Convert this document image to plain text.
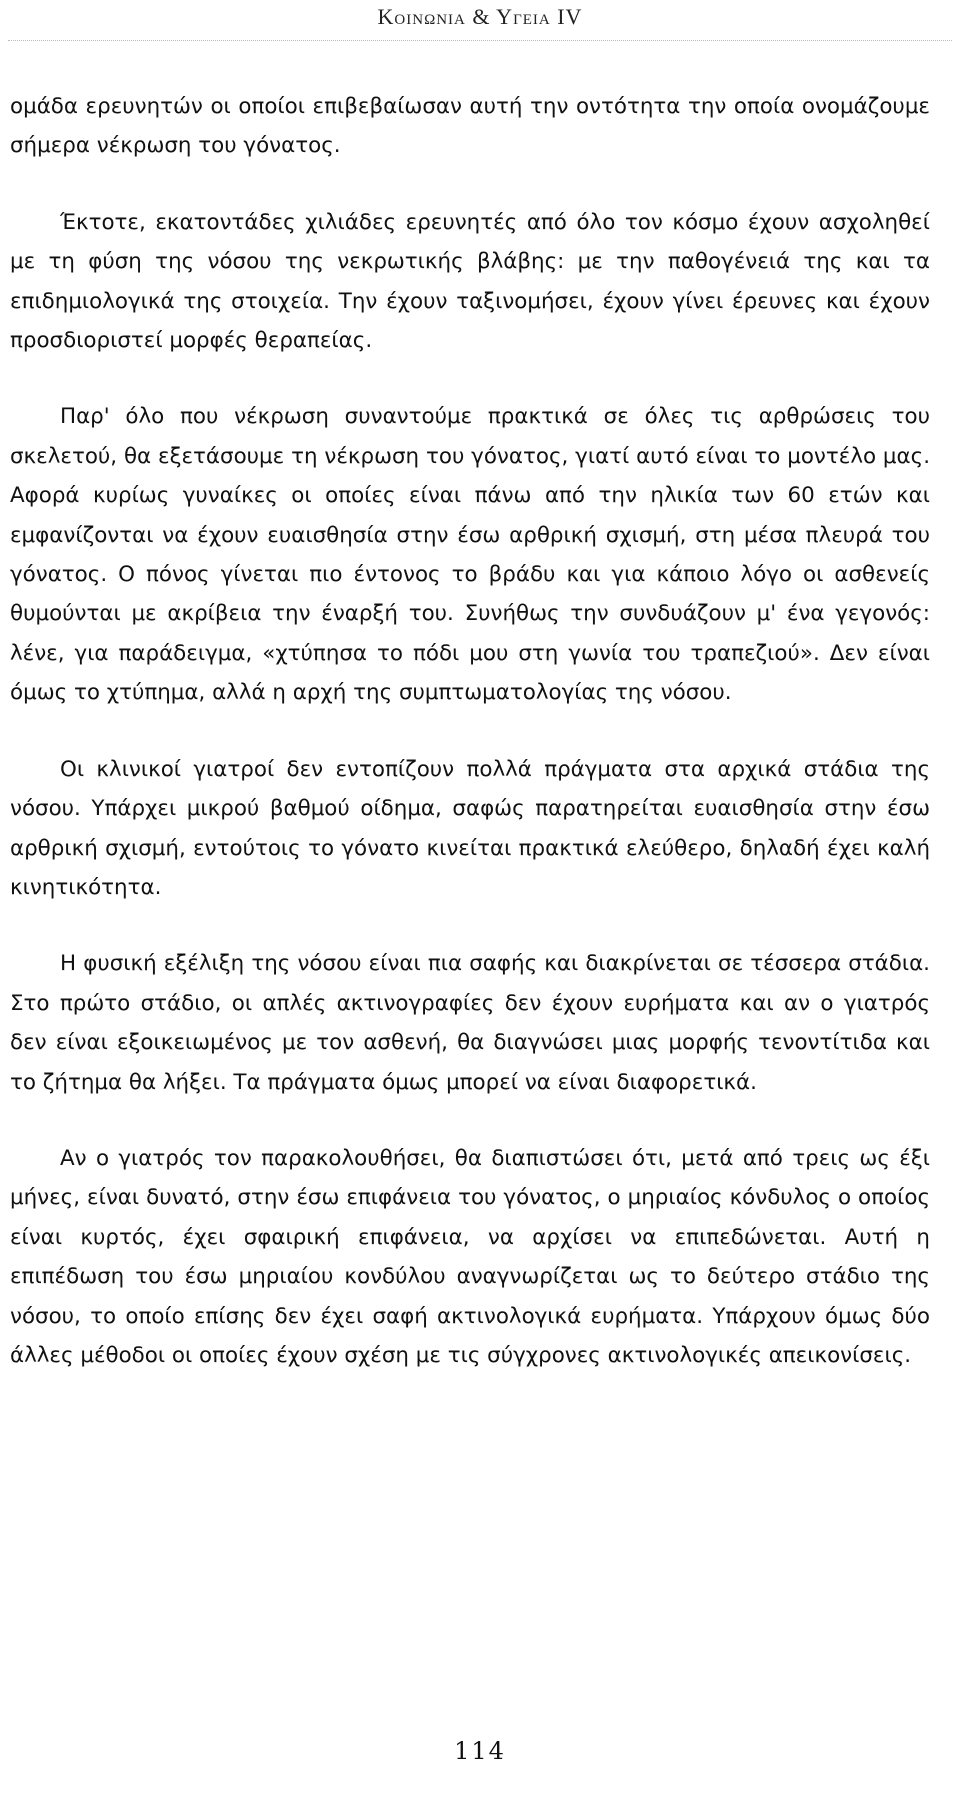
Κοινωνια & Υγεια IV

ομάδα ερευνητών οι οποίοι επιβεβαίωσαν αυτή την οντότητα την οποία ονομάζουμε σήμερα νέκρωση του γόνατος.

Έκτοτε, εκατοντάδες χιλιάδες ερευνητές από όλο τον κόσμο έχουν ασχοληθεί με τη φύση της νόσου της νεκρωτικής βλάβης: με την παθογένειά της και τα επιδημιολογικά της στοιχεία. Την έχουν ταξινομήσει, έχουν γίνει έρευνες και έχουν προσδιοριστεί μορφές θεραπείας.

Παρ' όλο που νέκρωση συναντούμε πρακτικά σε όλες τις αρθρώσεις του σκελετού, θα εξετάσουμε τη νέκρωση του γόνατος, γιατί αυτό είναι το μοντέλο μας. Αφορά κυρίως γυναίκες οι οποίες είναι πάνω από την ηλικία των 60 ετών και εμφανίζονται να έχουν ευαισθησία στην έσω αρθρική σχισμή, στη μέσα πλευρά του γόνατος. Ο πόνος γίνεται πιο έντονος το βράδυ και για κάποιο λόγο οι ασθενείς θυμούνται με ακρίβεια την έναρξή του. Συνήθως την συνδυάζουν μ' ένα γεγονός: λένε, για παράδειγμα, «χτύπησα το πόδι μου στη γωνία του τραπεζιού». Δεν είναι όμως το χτύπημα, αλλά η αρχή της συμπτωματολογίας της νόσου.

Οι κλινικοί γιατροί δεν εντοπίζουν πολλά πράγματα στα αρχικά στάδια της νόσου. Υπάρχει μικρού βαθμού οίδημα, σαφώς παρατηρείται ευαισθησία στην έσω αρθρική σχισμή, εντούτοις το γόνατο κινείται πρακτικά ελεύθερο, δηλαδή έχει καλή κινητικότητα.

Η φυσική εξέλιξη της νόσου είναι πια σαφής και διακρίνεται σε τέσσερα στάδια. Στο πρώτο στάδιο, οι απλές ακτινογραφίες δεν έχουν ευρήματα και αν ο γιατρός δεν είναι εξοικειωμένος με τον ασθενή, θα διαγνώσει μιας μορφής τενοντίτιδα και το ζήτημα θα λήξει. Τα πράγματα όμως μπορεί να είναι διαφορετικά.

Αν ο γιατρός τον παρακολουθήσει, θα διαπιστώσει ότι, μετά από τρεις ως έξι μήνες, είναι δυνατό, στην έσω επιφάνεια του γόνατος, ο μηριαίος κόνδυλος ο οποίος είναι κυρτός, έχει σφαιρική επιφάνεια, να αρχίσει να επιπεδώνεται. Αυτή η επιπέδωση του έσω μηριαίου κονδύλου αναγνωρίζεται ως το δεύτερο στάδιο της νόσου, το οποίο επίσης δεν έχει σαφή ακτινολογικά ευρήματα. Υπάρχουν όμως δύο άλλες μέθοδοι οι οποίες έχουν σχέση με τις σύγχρονες ακτινολογικές απεικονίσεις.

114
